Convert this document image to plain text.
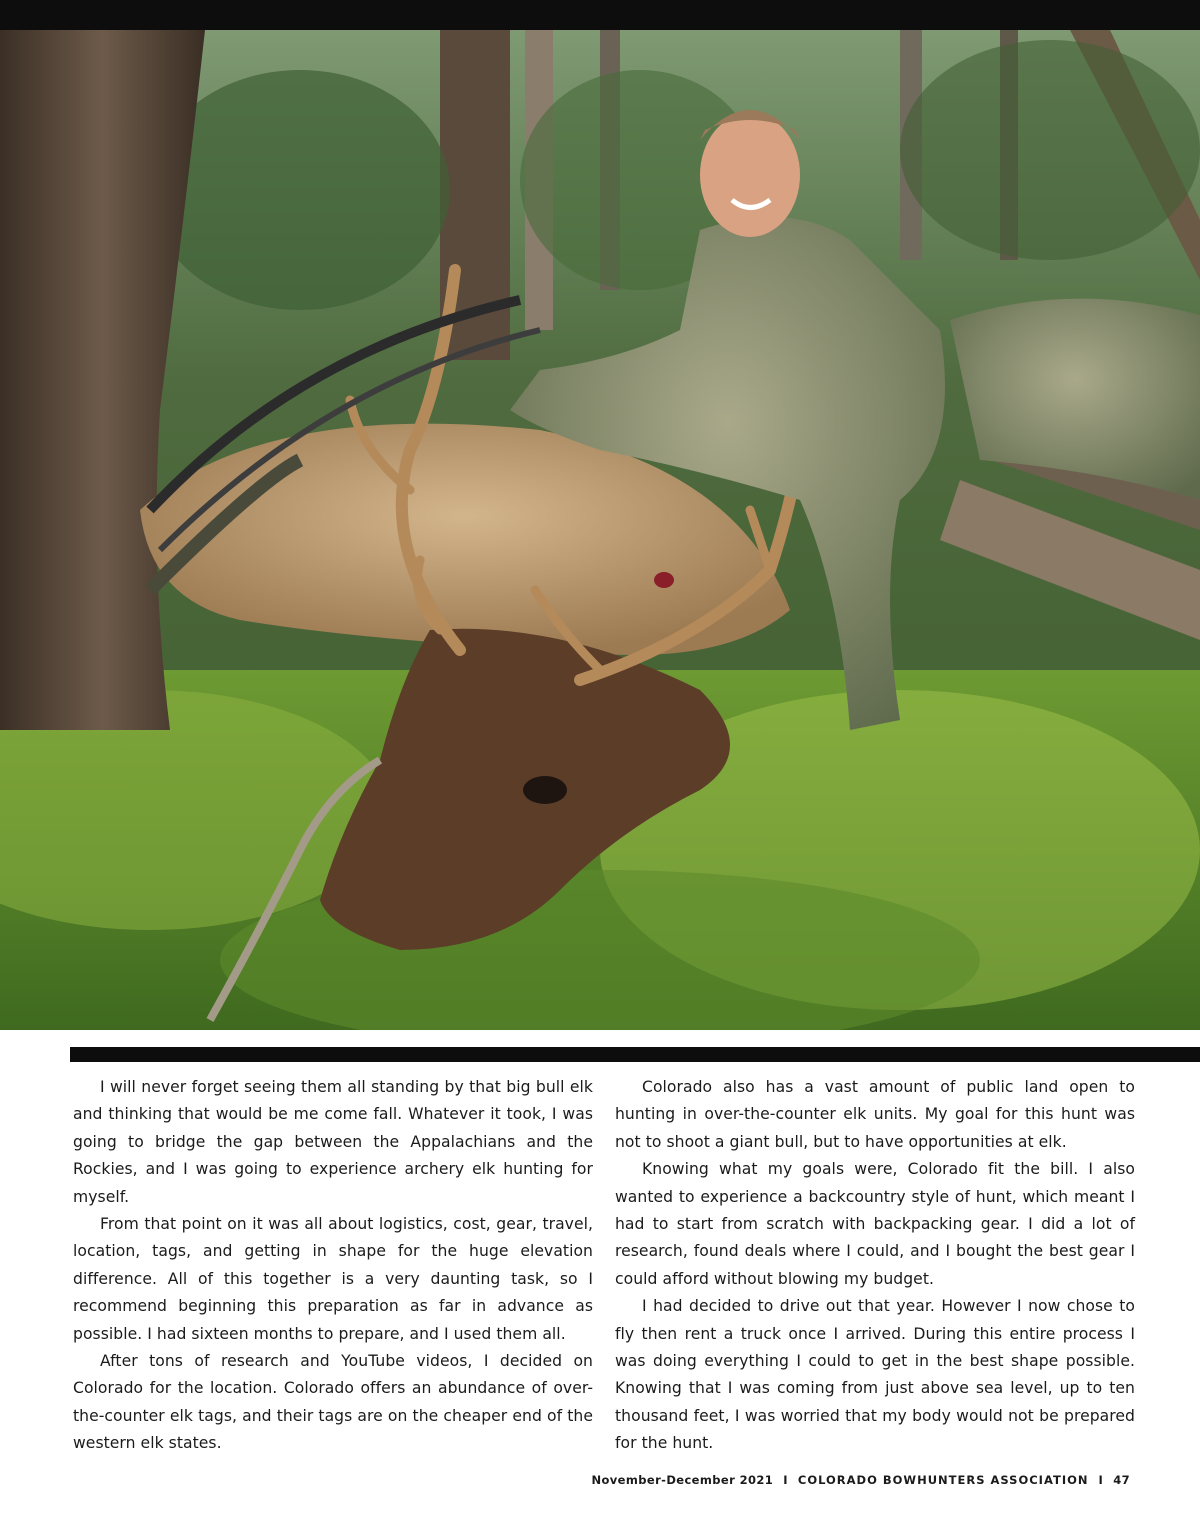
I will never forget seeing them all standing by that big bull elk and thinking that would be me come fall. Whatever it took, I was going to bridge the gap between the Appalachians and the Rockies, and I was going to experience archery elk hunting for myself.

From that point on it was all about logistics, cost, gear, travel, location, tags, and getting in shape for the huge elevation difference. All of this together is a very daunting task, so I recommend beginning this preparation as far in advance as possible. I had sixteen months to prepare, and I used them all.

After tons of research and YouTube videos, I decided on Colorado for the location. Colorado offers an abundance of over-the-counter elk tags, and their tags are on the cheaper end of the western elk states.

Colorado also has a vast amount of public land open to hunting in over-the-counter elk units. My goal for this hunt was not to shoot a giant bull, but to have opportunities at elk.

Knowing what my goals were, Colorado fit the bill. I also wanted to experience a backcountry style of hunt, which meant I had to start from scratch with backpacking gear. I did a lot of research, found deals where I could, and I bought the best gear I could afford without blowing my budget.

I had decided to drive out that year. However I now chose to fly then rent a truck once I arrived. During this entire process I was doing everything I could to get in the best shape possible. Knowing that I was coming from just above sea level, up to ten thousand feet, I was worried that my body would not be prepared for the hunt.

November-December 2021 I COLORADO BOWHUNTERS ASSOCIATION I 47
